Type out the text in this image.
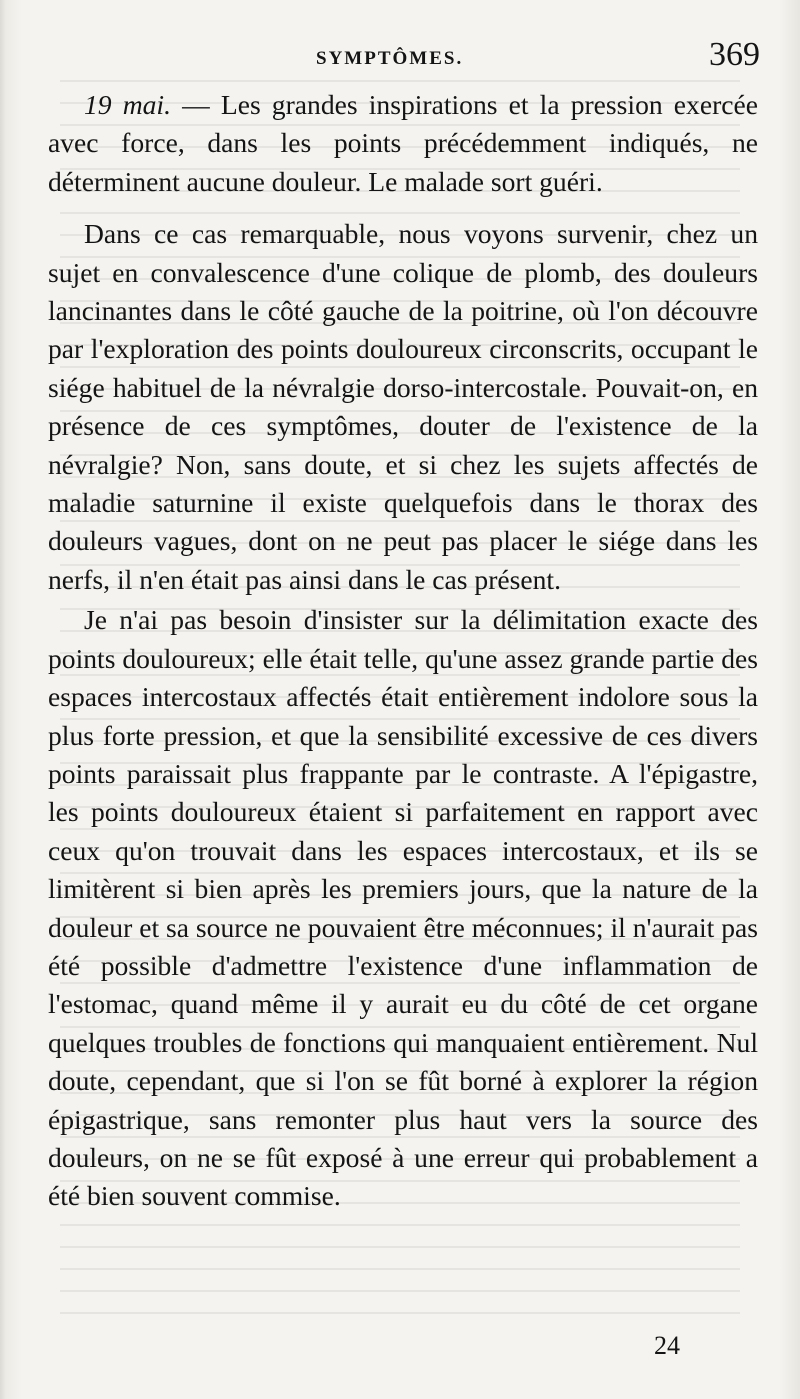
SYMPTÔMES.	369

19 mai. — Les grandes inspirations et la pression exercée avec force, dans les points précédemment indiqués, ne déterminent aucune douleur. Le malade sort guéri.

Dans ce cas remarquable, nous voyons survenir, chez un sujet en convalescence d'une colique de plomb, des douleurs lancinantes dans le côté gauche de la poitrine, où l'on découvre par l'exploration des points douloureux circonscrits, occupant le siége habituel de la névralgie dorso-intercostale. Pouvait-on, en présence de ces symptômes, douter de l'existence de la névralgie? Non, sans doute, et si chez les sujets affectés de maladie saturnine il existe quelquefois dans le thorax des douleurs vagues, dont on ne peut pas placer le siége dans les nerfs, il n'en était pas ainsi dans le cas présent.

Je n'ai pas besoin d'insister sur la délimitation exacte des points douloureux; elle était telle, qu'une assez grande partie des espaces intercostaux affectés était entièrement indolore sous la plus forte pression, et que la sensibilité excessive de ces divers points paraissait plus frappante par le contraste. A l'épigastre, les points douloureux étaient si parfaitement en rapport avec ceux qu'on trouvait dans les espaces intercostaux, et ils se limitèrent si bien après les premiers jours, que la nature de la douleur et sa source ne pouvaient être méconnues; il n'aurait pas été possible d'admettre l'existence d'une inflammation de l'estomac, quand même il y aurait eu du côté de cet organe quelques troubles de fonctions qui manquaient entièrement. Nul doute, cependant, que si l'on se fût borné à explorer la région épigastrique, sans remonter plus haut vers la source des douleurs, on ne se fût exposé à une erreur qui probablement a été bien souvent commise.

24
